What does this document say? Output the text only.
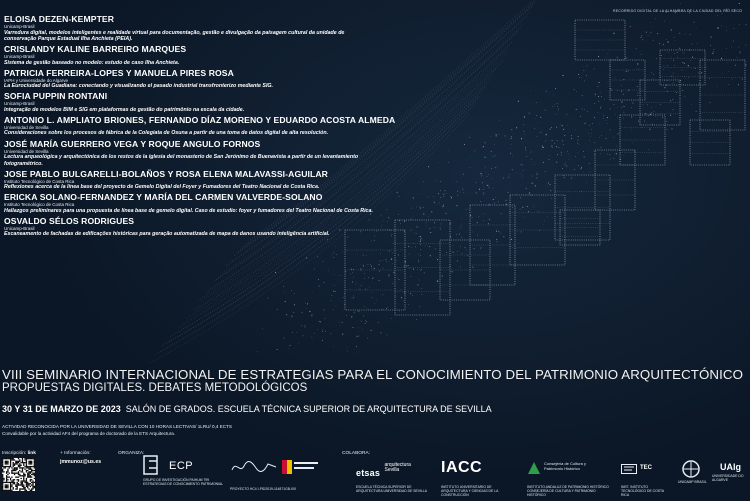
RECORRIDO DIGITAL DE LA ALHAMBRA DE LA CIUDAD DEL RÍO SECO
ELOISA DEZEN-KEMPTER
Unicamp-Brasil
Varredura digital, modelos inteligentes e realidade virtual para documentação, gestão e divulgação da paisagem cultural da unidade de conservação Parque Estadual Ilha Anchieta (PEIA).
CRISLANDY KALINE BARREIRO MARQUES
Unicamp-Brasil
Sistema de gestão baseado no modelo: estudo de caso Ilha Anchieta.
PATRICIA FERREIRA-LOPES Y MANUELA PIRES ROSA
IAPH y Universidade do Algarve
La Eurociudad del Guadiana: conectando y visualizando el pasado industrial transfronterizo mediante SIG.
SOFIA PUPPIN RONTANI
Unicamp-Brasil
Integração de modelos BIM e SIG em plataformas de gestão do patrimônio na escala da cidade.
ANTONIO L. AMPLIATO BRIONES, FERNANDO DÍAZ MORENO Y EDUARDO ACOSTA ALMEDA
Universidad de Sevilla
Consideraciones sobre los procesos de fábrica de la Colegiata de Osuna a partir de una toma de datos digital de alta resolución.
JOSÉ MARÍA GUERRERO VEGA Y ROQUE ANGULO FORNOS
Universidad de Sevilla
Lectura arqueológica y arquitectónica de los restos de la iglesia del monasterio de San Jerónimo de Buenavista a partir de un levantamiento fotogramétrico.
JOSE PABLO BULGARELLI-BOLAÑOS Y ROSA ELENA MALAVASSI-AGUILAR
Instituto Tecnológico de Costa Rica
Reflexiones acerca de la línea base del proyecto de Gemelo Digital del Foyer y Fumadores del Teatro Nacional de Costa Rica.
ERICKA SOLANO-FERNANDEZ Y MARÍA DEL CARMEN VALVERDE-SOLANO
Instituto Tecnológico de Costa Rica
Hallazgos preliminares para una propuesta de línea base de gemelo digital. Caso de estudio: foyer y fumadores del Teatro Nacional de Costa Rica.
OSVALDO SÉLOS RODRIGUES
Unicamp-Brasil
Escaneamento de fachadas de edificações históricas para geração automatizada de mapa de danos usando inteligência artificial.
VIII SEMINARIO INTERNACIONAL DE ESTRATEGIAS PARA EL CONOCIMIENTO DEL PATRIMONIO ARQUITECTÓNICO
PROPUESTAS DIGITALES. DEBATES METODOLÓGICOS
30 Y 31 DE MARZO DE 2023 SALÓN DE GRADOS. ESCUELA TÉCNICA SUPERIOR DE ARQUITECTURA DE SEVILLA
ACTIVIDAD RECONOCIDA POR LA UNIVERSIDAD DE SEVILLA CON 10 HORAS LECTIVAS/ 1LRU/ 0,4 ECTS
Convalidable por la actividad AF4 del programa de doctorado de la ETS Arquitectura.
Inscripción: link	+ Información:
jmmunoz@us.es
ORGANIZA:
ECP
GRUPO DE INVESTIGACIÓN PAIHUM 799 ESTRATEGIAS DE CONOCIMIENTO PATRIMONIAL
PROYECTO HC4 I-PID2019-114871GB-I00
COLABORA:
etsas arquitectura Sevilla
ESCUELA TÉCNICA SUPERIOR DE ARQUITECTURA UNIVERSIDAD DE SEVILLA
IACC
INSTITUTO UNIVERSITARIO DE ARQUITECTURA Y CIENCIAS DE LA CONSTRUCCIÓN
Consejería de Cultura y Patrimonio Histórico
INSTITUTO ANDALUZ DE PATRIMONIO HISTÓRICO CONSEJERÍA DE CULTURA Y PATRIMONIO HISTÓRICO
TEC
INST. INSTITUTO TECNOLÓGICO DE COSTA RICA
UNICAMP BRASIL
UAlg
UNIVERSIDADE DO ALGARVE
